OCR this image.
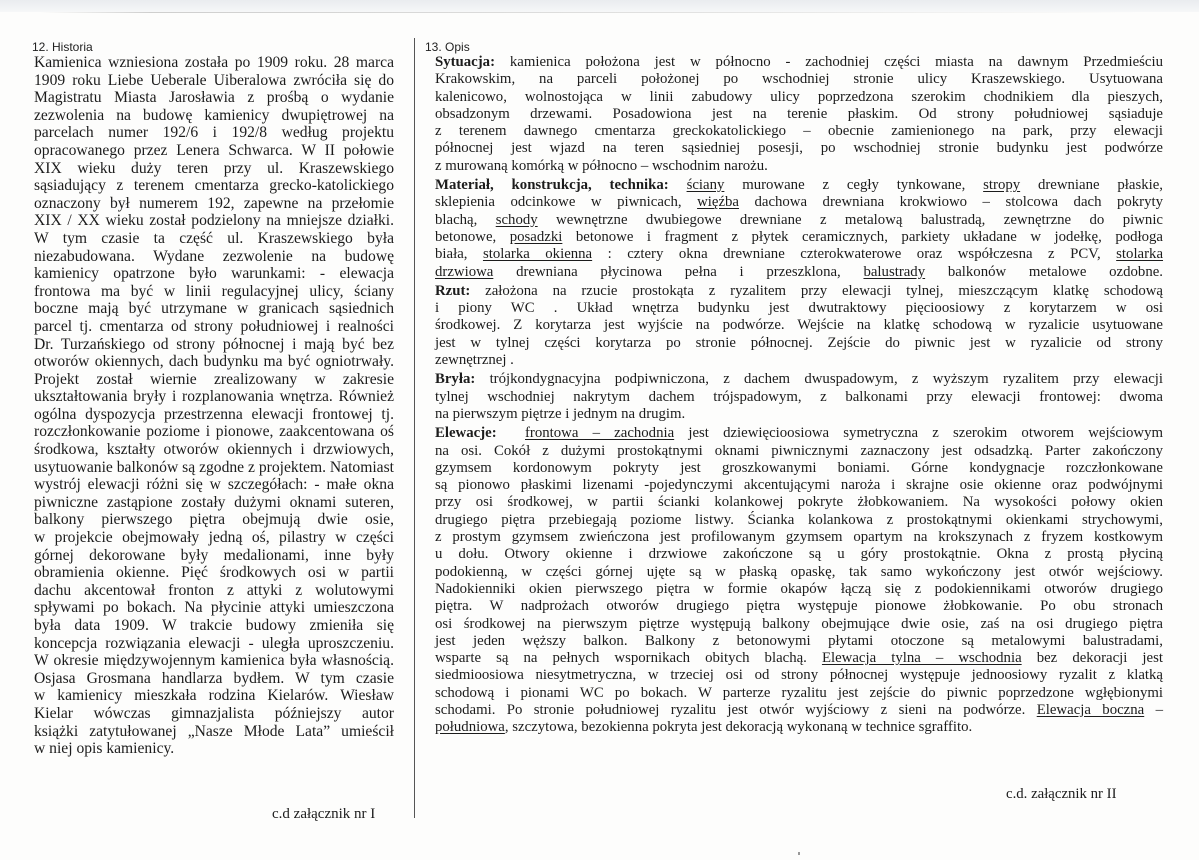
12. Historia
Kamienica wzniesiona została po 1909 roku. 28 marca
1909 roku Liebe Ueberale Uiberalowa zwróciła się do
Magistratu Miasta Jarosławia z prośbą o wydanie
zezwolenia na budowę kamienicy dwupiętrowej na
parcelach numer 192/6 i 192/8 według projektu
opracowanego przez Lenera Schwarca. W II połowie
XIX wieku duży teren przy ul. Kraszewskiego
sąsiadujący z terenem cmentarza grecko-katolickiego
oznaczony był numerem 192, zapewne na przełomie
XIX / XX wieku został podzielony na mniejsze działki.
W tym czasie ta część ul. Kraszewskiego była
niezabudowana. Wydane zezwolenie na budowę
kamienicy opatrzone było warunkami: - elewacja
frontowa ma być w linii regulacyjnej ulicy, ściany
boczne mają być utrzymane w granicach sąsiednich
parcel tj. cmentarza od strony południowej i realności
Dr. Turzańskiego od strony północnej i mają być bez
otworów okiennych, dach budynku ma być ogniotrwały.
Projekt został wiernie zrealizowany w zakresie
ukształtowania bryły i rozplanowania wnętrza. Również
ogólna dyspozycja przestrzenna elewacji frontowej tj.
rozczłonkowanie poziome i pionowe, zaakcentowana oś
środkowa, kształty otworów okiennych i drzwiowych,
usytuowanie balkonów są zgodne z projektem. Natomiast
wystrój elewacji różni się w szczegółach: - małe okna
piwniczne zastąpione zostały dużymi oknami suteren,
balkony pierwszego piętra obejmują dwie osie,
w projekcie obejmowały jedną oś, pilastry w części
górnej dekorowane były medalionami, inne były
obramienia okienne. Pięć środkowych osi w partii
dachu akcentował fronton z attyki z wolutowymi
spływami po bokach. Na płycinie attyki umieszczona
była data 1909. W trakcie budowy zmieniła się
koncepcja rozwiązania elewacji - uległa uproszczeniu.
W okresie międzywojennym kamienica była własnością.
Osjasa Grosmana handlarza bydłem. W tym czasie
w kamienicy mieszkała rodzina Kielarów. Wiesław
Kielar wówczas gimnazjalista późniejszy autor
książki zatytułowanej „Nasze Młode Lata” umieścił
w niej opis kamienicy.
c.d załącznik nr I
13. Opis
Sytuacja: kamienica położona jest w północno - zachodniej części miasta na dawnym Przedmieściu
Krakowskim, na parceli położonej po wschodniej stronie ulicy Kraszewskiego. Usytuowana
kalenicowo, wolnostojąca w linii zabudowy ulicy poprzedzona szerokim chodnikiem dla pieszych,
obsadzonym drzewami. Posadowiona jest na terenie płaskim. Od strony południowej sąsiaduje
z terenem dawnego cmentarza greckokatolickiego – obecnie zamienionego na park, przy elewacji
północnej jest wjazd na teren sąsiedniej posesji, po wschodniej stronie budynku jest podwórze
z murowaną komórką w północno – wschodnim narożu.
Materiał, konstrukcja, technika: ściany murowane z cegły tynkowane, stropy drewniane płaskie,
sklepienia odcinkowe w piwnicach, więźba dachowa drewniana krokwiowo – stolcowa dach pokryty
blachą, schody wewnętrzne dwubiegowe drewniane z metalową balustradą, zewnętrzne do piwnic
betonowe, posadzki betonowe i fragment z płytek ceramicznych, parkiety układane w jodełkę, podłoga
biała, stolarka okienna : cztery okna drewniane czterokwaterowe oraz współczesna z PCV, stolarka
drzwiowa drewniana płycinowa pełna i przeszklona, balustrady balkonów metalowe ozdobne.
Rzut: założona na rzucie prostokąta z ryzalitem przy elewacji tylnej, mieszczącym klatkę schodową
i piony WC . Układ wnętrza budynku jest dwutraktowy pięcioosiowy z korytarzem w osi
środkowej. Z korytarza jest wyjście na podwórze. Wejście na klatkę schodową w ryzalicie usytuowane
jest w tylnej części korytarza po stronie północnej. Zejście do piwnic jest w ryzalicie od strony
zewnętrznej .
Bryła: trójkondygnacyjna podpiwniczona, z dachem dwuspadowym, z wyższym ryzalitem przy elewacji
tylnej wschodniej nakrytym dachem trójspadowym, z balkonami przy elewacji frontowej: dwoma
na pierwszym piętrze i jednym na drugim.
Elewacje: frontowa – zachodnia jest dziewięcioosiowa symetryczna z szerokim otworem wejściowym
na osi. Cokół z dużymi prostokątnymi oknami piwnicznymi zaznaczony jest odsadzką. Parter zakończony
gzymsem kordonowym pokryty jest groszkowanymi boniami. Górne kondygnacje rozczłonkowane
są pionowo płaskimi lizenami -pojedynczymi akcentującymi naroża i skrajne osie okienne oraz podwójnymi
przy osi środkowej, w partii ścianki kolankowej pokryte żłobkowaniem. Na wysokości połowy okien
drugiego piętra przebiegają poziome listwy. Ścianka kolankowa z prostokątnymi okienkami strychowymi,
z prostym gzymsem zwieńczona jest profilowanym gzymsem opartym na krokszynach z fryzem kostkowym
u dołu. Otwory okienne i drzwiowe zakończone są u góry prostokątnie. Okna z prostą płyciną
podokienną, w części górnej ujęte są w płaską opaskę, tak samo wykończony jest otwór wejściowy.
Nadokienniki okien pierwszego piętra w formie okapów łączą się z podokiennikami otworów drugiego
piętra. W nadprożach otworów drugiego piętra występuje pionowe żłobkowanie. Po obu stronach
osi środkowej na pierwszym piętrze występują balkony obejmujące dwie osie, zaś na osi drugiego piętra
jest jeden węższy balkon. Balkony z betonowymi płytami otoczone są metalowymi balustradami,
wsparte są na pełnych wspornikach obitych blachą. Elewacja tylna – wschodnia bez dekoracji jest
siedmioosiowa niesytmetryczna, w trzeciej osi od strony północnej występuje jednoosiowy ryzalit z klatką
schodową i pionami WC po bokach. W parterze ryzalitu jest zejście do piwnic poprzedzone wgłębionymi
schodami. Po stronie południowej ryzalitu jest otwór wyjściowy z sieni na podwórze. Elewacja boczna –
południowa, szczytowa, bezokienna pokryta jest dekoracją wykonaną w technice sgraffito.
c.d. załącznik nr II
